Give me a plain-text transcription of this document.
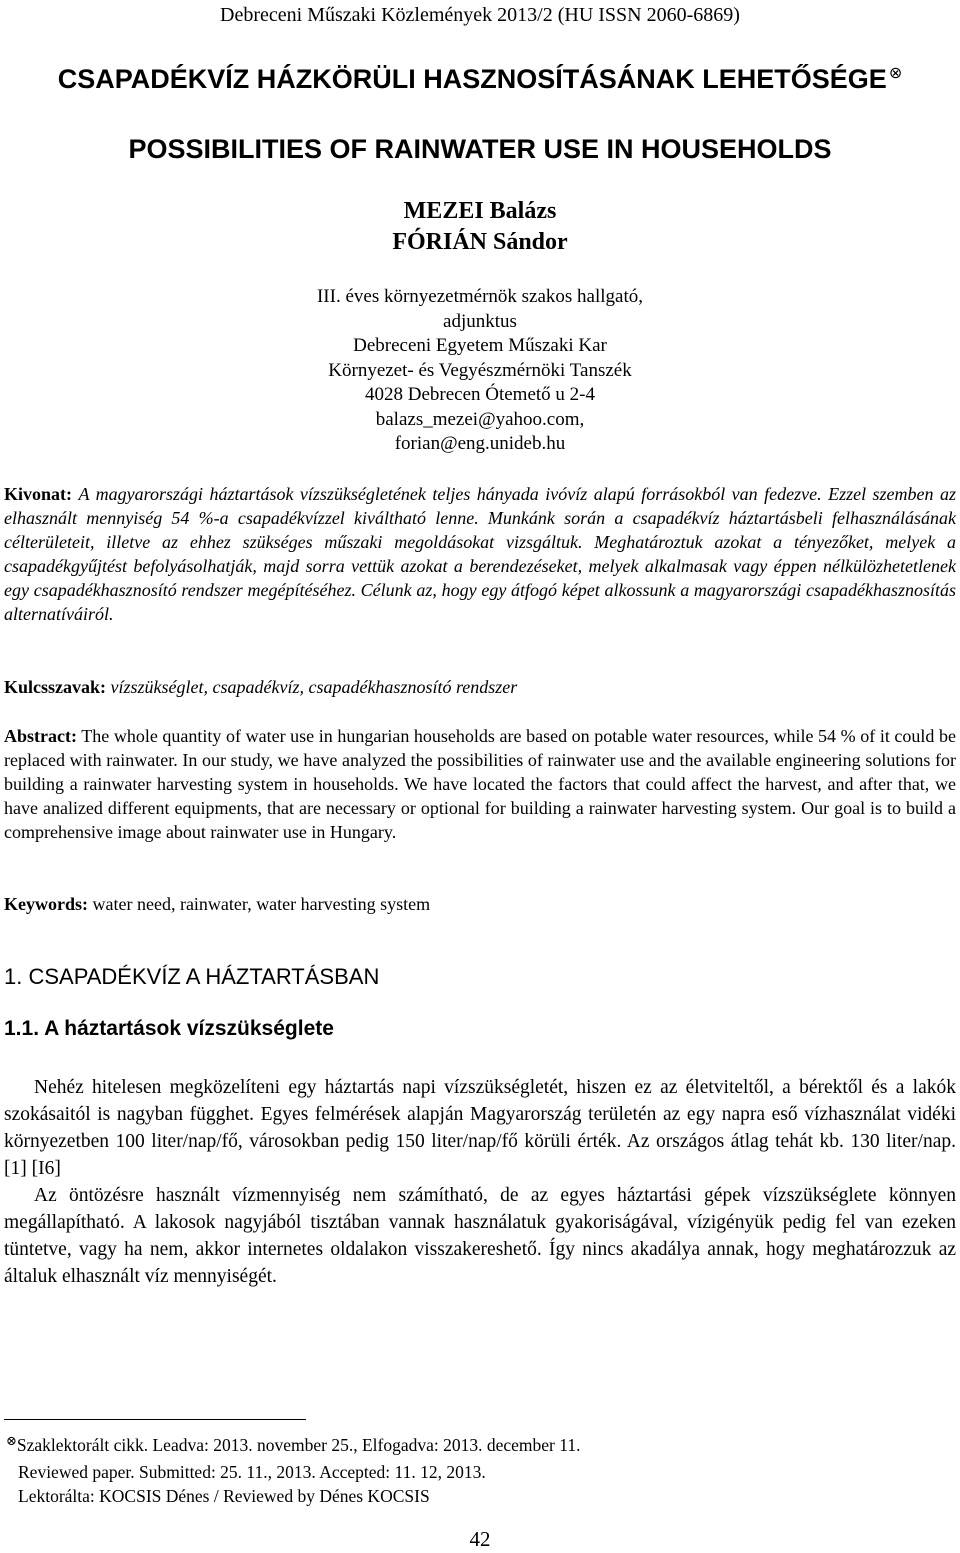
Debreceni Műszaki Közlemények 2013/2 (HU ISSN 2060-6869)
CSAPADÉKVÍZ HÁZKÖRÜLI HASZNOSÍTÁSÁNAK LEHETŐSÉGE ⊗
POSSIBILITIES OF RAINWATER USE IN HOUSEHOLDS
MEZEI Balázs
FÓRIÁN Sándor
III. éves környezetmérnök szakos hallgató,
adjunktus
Debreceni Egyetem Műszaki Kar
Környezet- és Vegyészmérnöki Tanszék
4028 Debrecen Ótemető u 2-4
balazs_mezei@yahoo.com,
forian@eng.unideb.hu
Kivonat: A magyarországi háztartások vízszükségletének teljes hányada ivóvíz alapú forrásokból van fedezve. Ezzel szemben az elhasznált mennyiség 54 %-a csapadékvízzel kiváltható lenne. Munkánk során a csapadékvíz háztartásbeli felhasználásának célterületeit, illetve az ehhez szükséges műszaki megoldásokat vizsgáltuk. Meghatároztuk azokat a tényezőket, melyek a csapadékgyűjtést befolyásolhatják, majd sorra vettük azokat a berendezéseket, melyek alkalmasak vagy éppen nélkülözhetetlenek egy csapadékhasznosító rendszer megépítéséhez. Célunk az, hogy egy átfogó képet alkossunk a magyarországi csapadékhasznosítás alternatíváiról.
Kulcsszavak: vízszükséglet, csapadékvíz, csapadékhasznosító rendszer
Abstract: The whole quantity of water use in hungarian households are based on potable water resources, while 54 % of it could be replaced with rainwater. In our study, we have analyzed the possibilities of rainwater use and the available engineering solutions for building a rainwater harvesting system in households. We have located the factors that could affect the harvest, and after that, we have analized different equipments, that are necessary or optional for building a rainwater harvesting system. Our goal is to build a comprehensive image about rainwater use in Hungary.
Keywords: water need, rainwater, water harvesting system
1. CSAPADÉKVÍZ A HÁZTARTÁSBAN
1.1. A háztartások vízszükséglete

Nehéz hitelesen megközelíteni egy háztartás napi vízszükségletét, hiszen ez az életviteltől, a bérektől és a lakók szokásaitól is nagyban függhet. Egyes felmérések alapján Magyarország területén az egy napra eső vízhasználat vidéki környezetben 100 liter/nap/fő, városokban pedig 150 liter/nap/fő körüli érték. Az országos átlag tehát kb. 130 liter/nap. [1] [I6]

Az öntözésre használt vízmennyiség nem számítható, de az egyes háztartási gépek vízszükséglete könnyen megállapítható. A lakosok nagyjából tisztában vannak használatuk gyakoriságával, vízigényük pedig fel van ezeken tüntetve, vagy ha nem, akkor internetes oldalakon visszakereshető. Így nincs akadálya annak, hogy meghatározzuk az általuk elhasznált víz mennyiségét.

⊗Szaklektorált cikk. Leadva: 2013. november 25., Elfogadva: 2013. december 11.
Reviewed paper. Submitted: 25. 11., 2013. Accepted: 11. 12, 2013.
Lektorálta: KOCSIS Dénes / Reviewed by Dénes KOCSIS
42
